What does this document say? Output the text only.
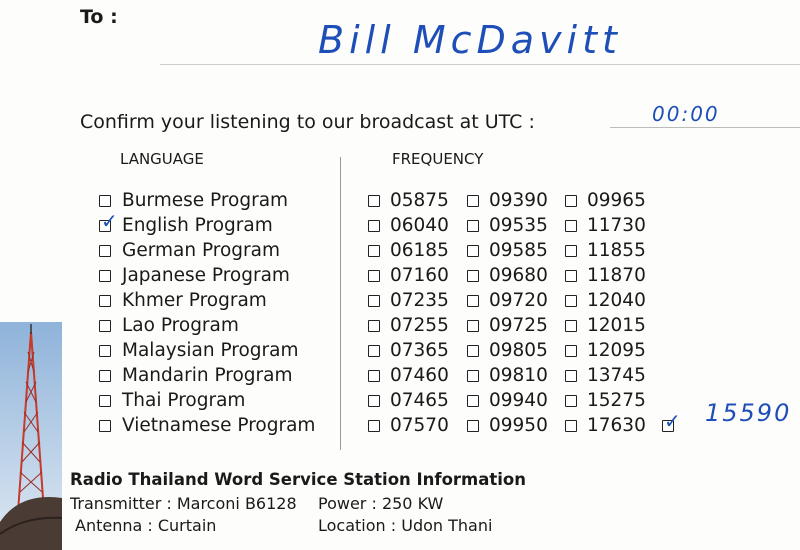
To :
Bill McDavitt
Confirm your listening to our broadcast at UTC :	00:00
LANGUAGE	FREQUENCY
Burmese Program	05875 09390 09965
✓ English Program	06040 09535 11730
German Program	06185 09585 11855
Japanese Program	07160 09680 11870
Khmer Program	07235 09720 12040
Lao Program	07255 09725 12015
Malaysian Program	07365 09805 12095
Mandarin Program	07460 09810 13745
Thai Program	07465 09940 15275
Vietnamese Program	07570 09950 17630 ✓ 15590
Radio Thailand Word Service Station Information
Transmitter : Marconi B6128 Power : 250 KW
Antenna : Curtain	Location : Udon Thani
